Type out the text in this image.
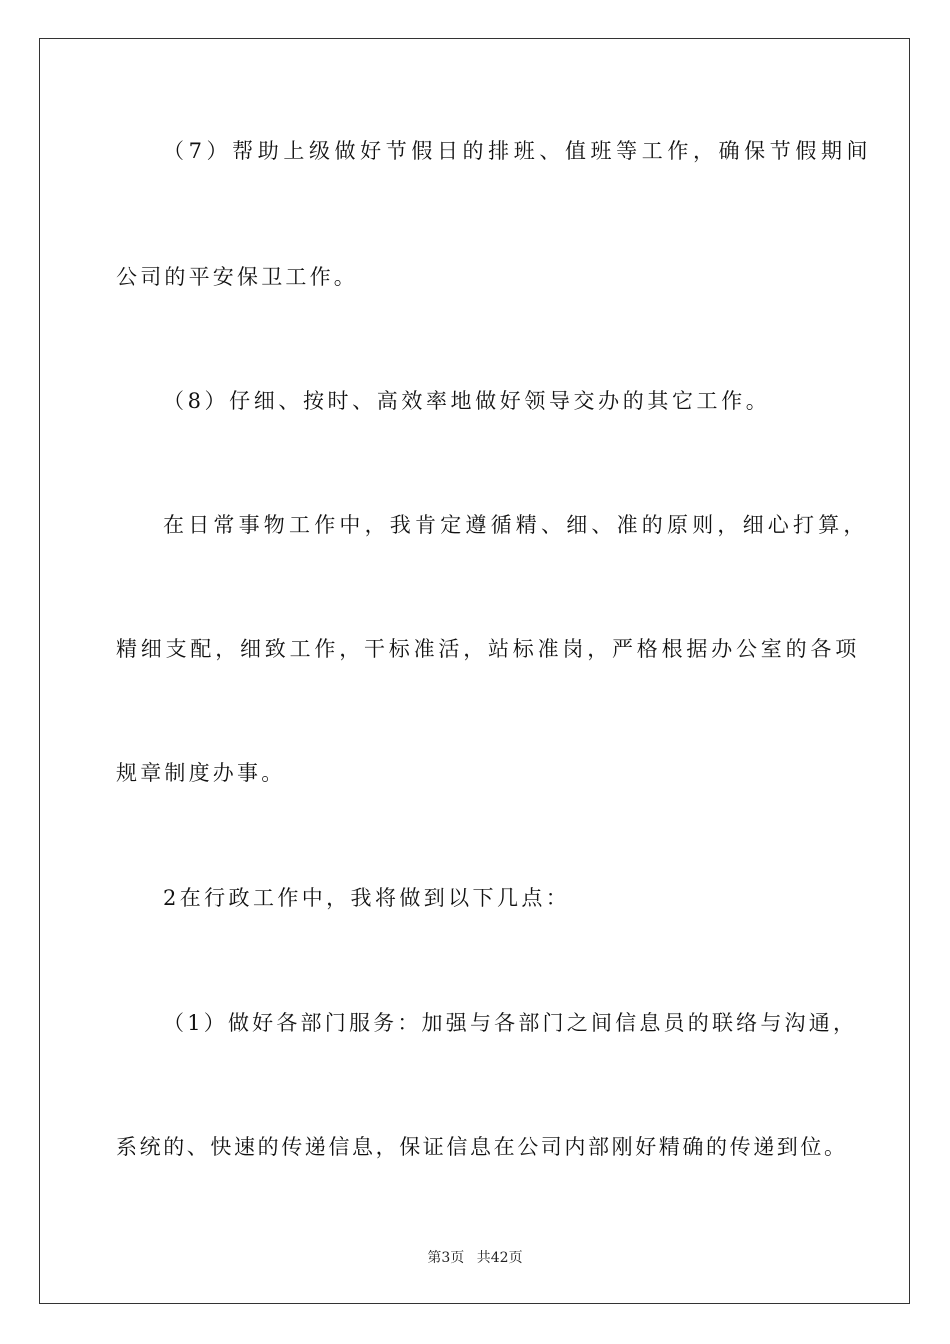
（7）帮助上级做好节假日的排班、值班等工作，确保节假期间
公司的平安保卫工作。
（8）仔细、按时、高效率地做好领导交办的其它工作。
在日常事物工作中，我肯定遵循精、细、准的原则，细心打算，
精细支配，细致工作，干标准活，站标准岗，严格根据办公室的各项
规章制度办事。
2在行政工作中，我将做到以下几点：
（1）做好各部门服务：加强与各部门之间信息员的联络与沟通，
系统的、快速的传递信息，保证信息在公司内部刚好精确的传递到位。
第3页 共42页
